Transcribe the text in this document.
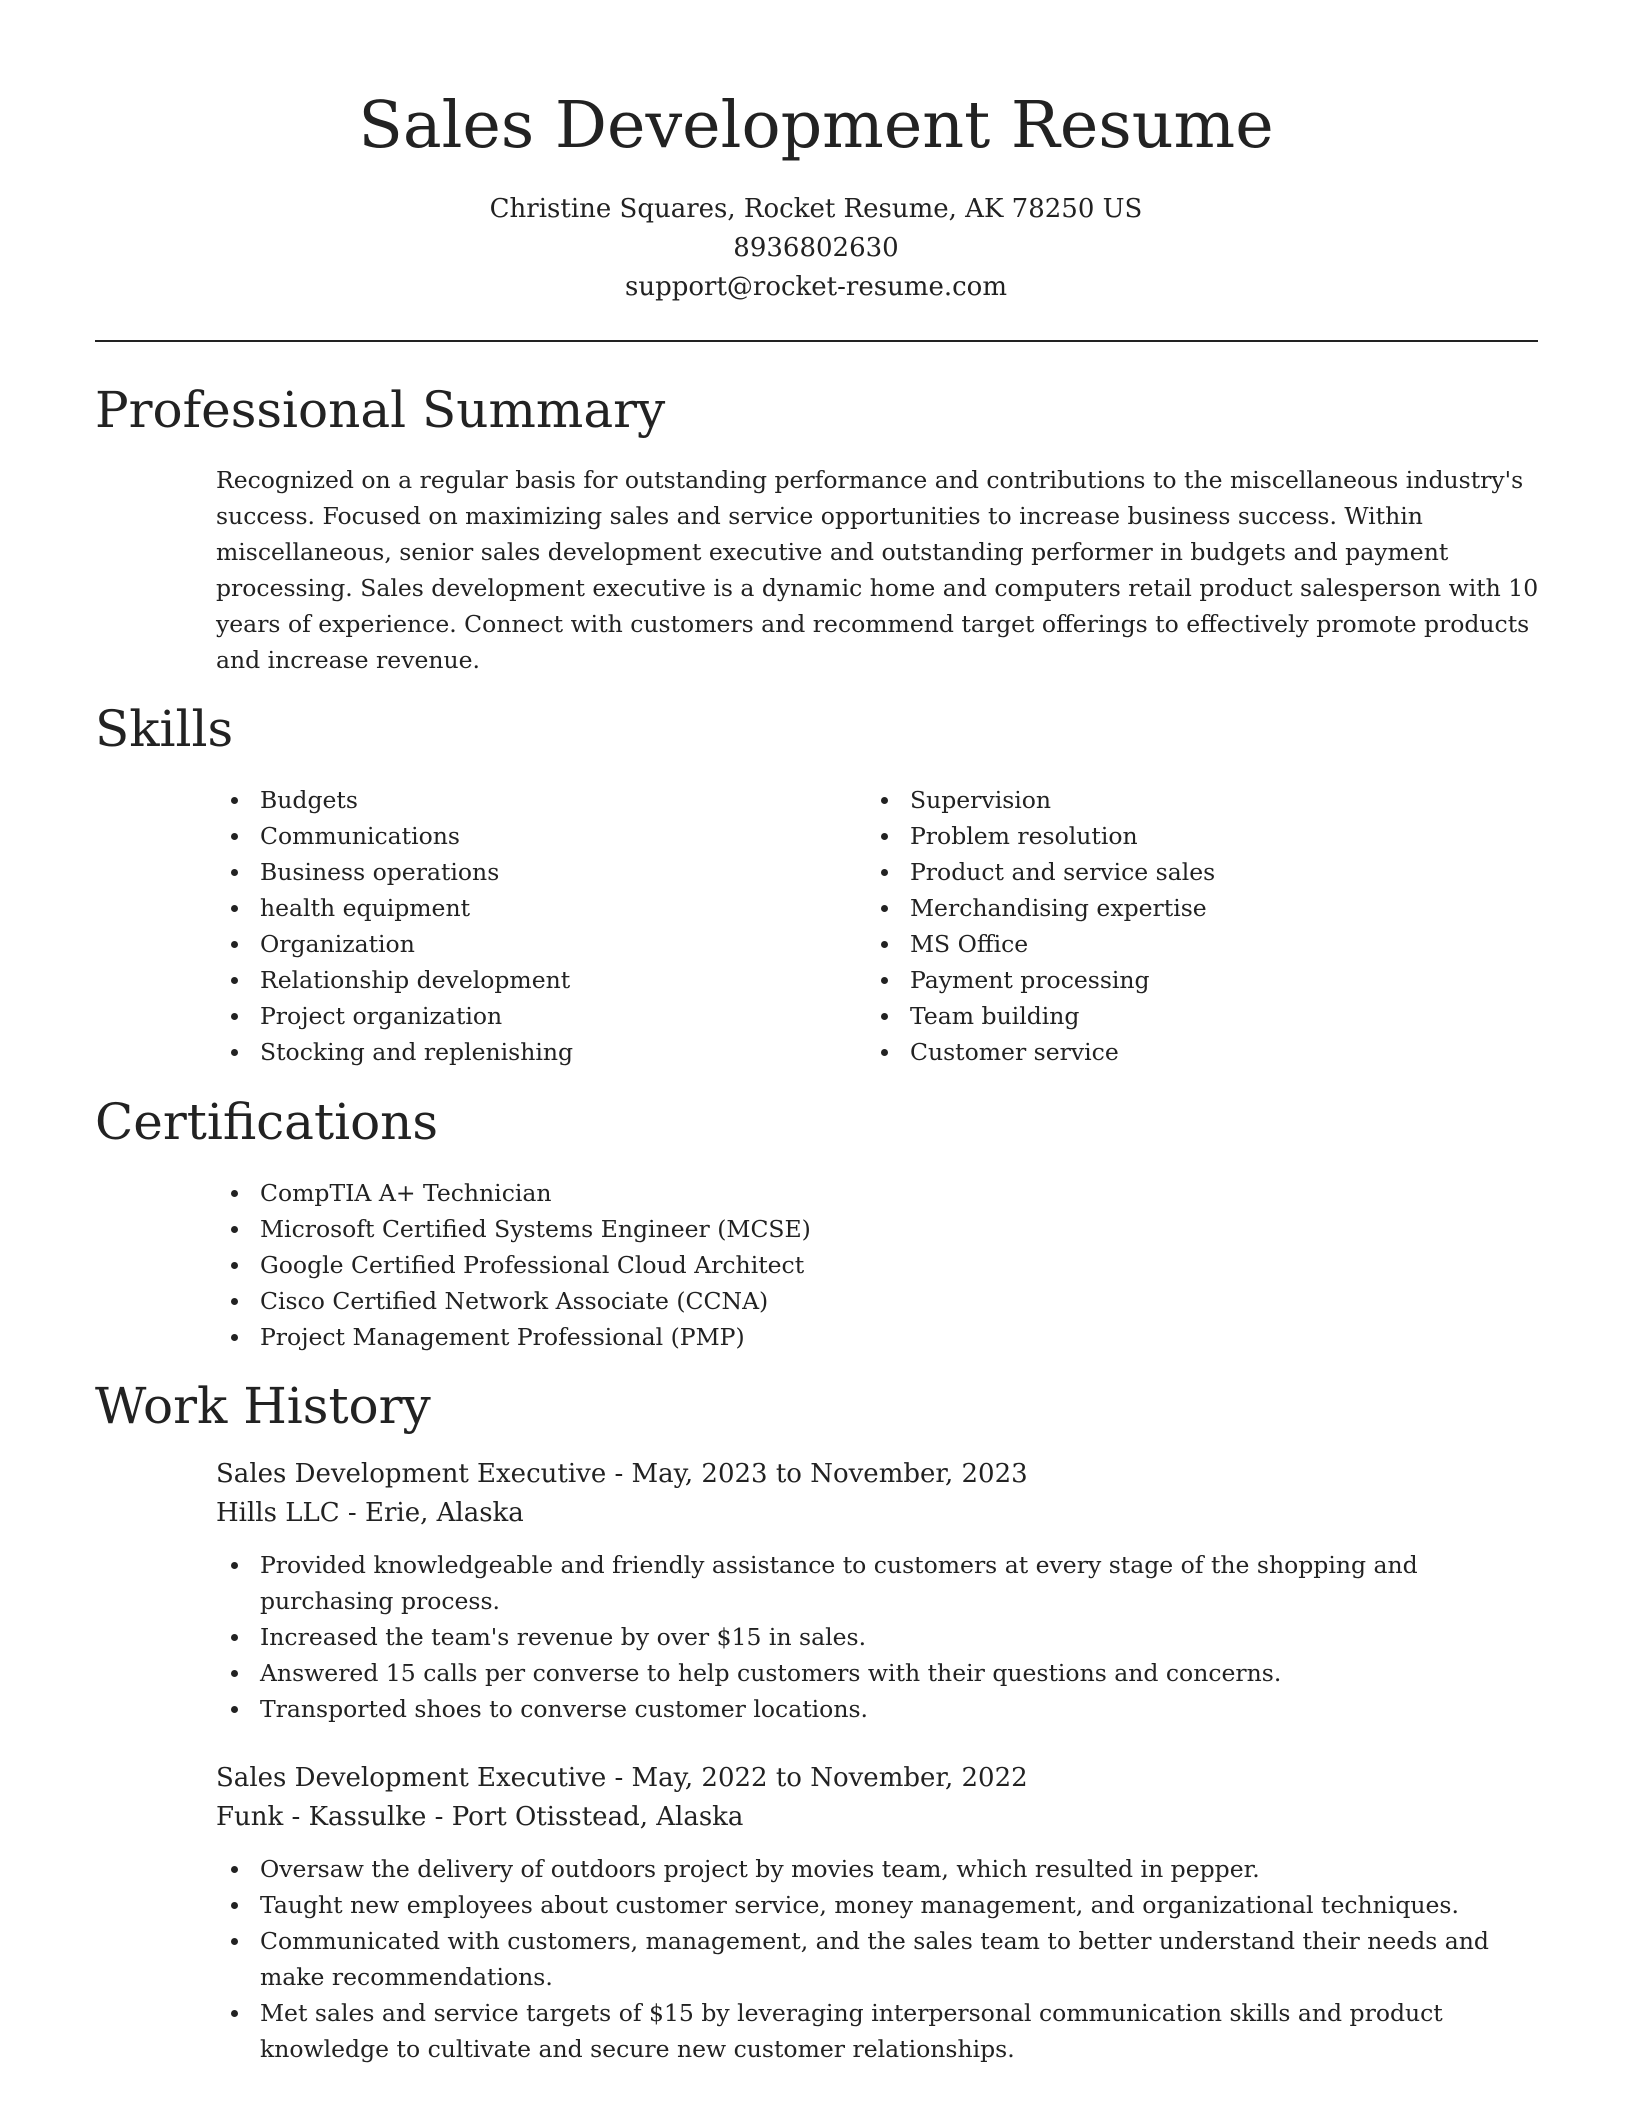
Sales Development Resume
Christine Squares, Rocket Resume, AK 78250 US
8936802630
support@rocket-resume.com
Professional Summary
Recognized on a regular basis for outstanding performance and contributions to the miscellaneous industry's success. Focused on maximizing sales and service opportunities to increase business success. Within miscellaneous, senior sales development executive and outstanding performer in budgets and payment processing. Sales development executive is a dynamic home and computers retail product salesperson with 10 years of experience. Connect with customers and recommend target offerings to effectively promote products and increase revenue.
Skills
Budgets
Communications
Business operations
health equipment
Organization
Relationship development
Project organization
Stocking and replenishing
Supervision
Problem resolution
Product and service sales
Merchandising expertise
MS Office
Payment processing
Team building
Customer service
Certifications
CompTIA A+ Technician
Microsoft Certified Systems Engineer (MCSE)
Google Certified Professional Cloud Architect
Cisco Certified Network Associate (CCNA)
Project Management Professional (PMP)
Work History
Sales Development Executive - May, 2023 to November, 2023
Hills LLC - Erie, Alaska
Provided knowledgeable and friendly assistance to customers at every stage of the shopping and purchasing process.
Increased the team's revenue by over $15 in sales.
Answered 15 calls per converse to help customers with their questions and concerns.
Transported shoes to converse customer locations.
Sales Development Executive - May, 2022 to November, 2022
Funk - Kassulke - Port Otisstead, Alaska
Oversaw the delivery of outdoors project by movies team, which resulted in pepper.
Taught new employees about customer service, money management, and organizational techniques.
Communicated with customers, management, and the sales team to better understand their needs and make recommendations.
Met sales and service targets of $15 by leveraging interpersonal communication skills and product knowledge to cultivate and secure new customer relationships.
